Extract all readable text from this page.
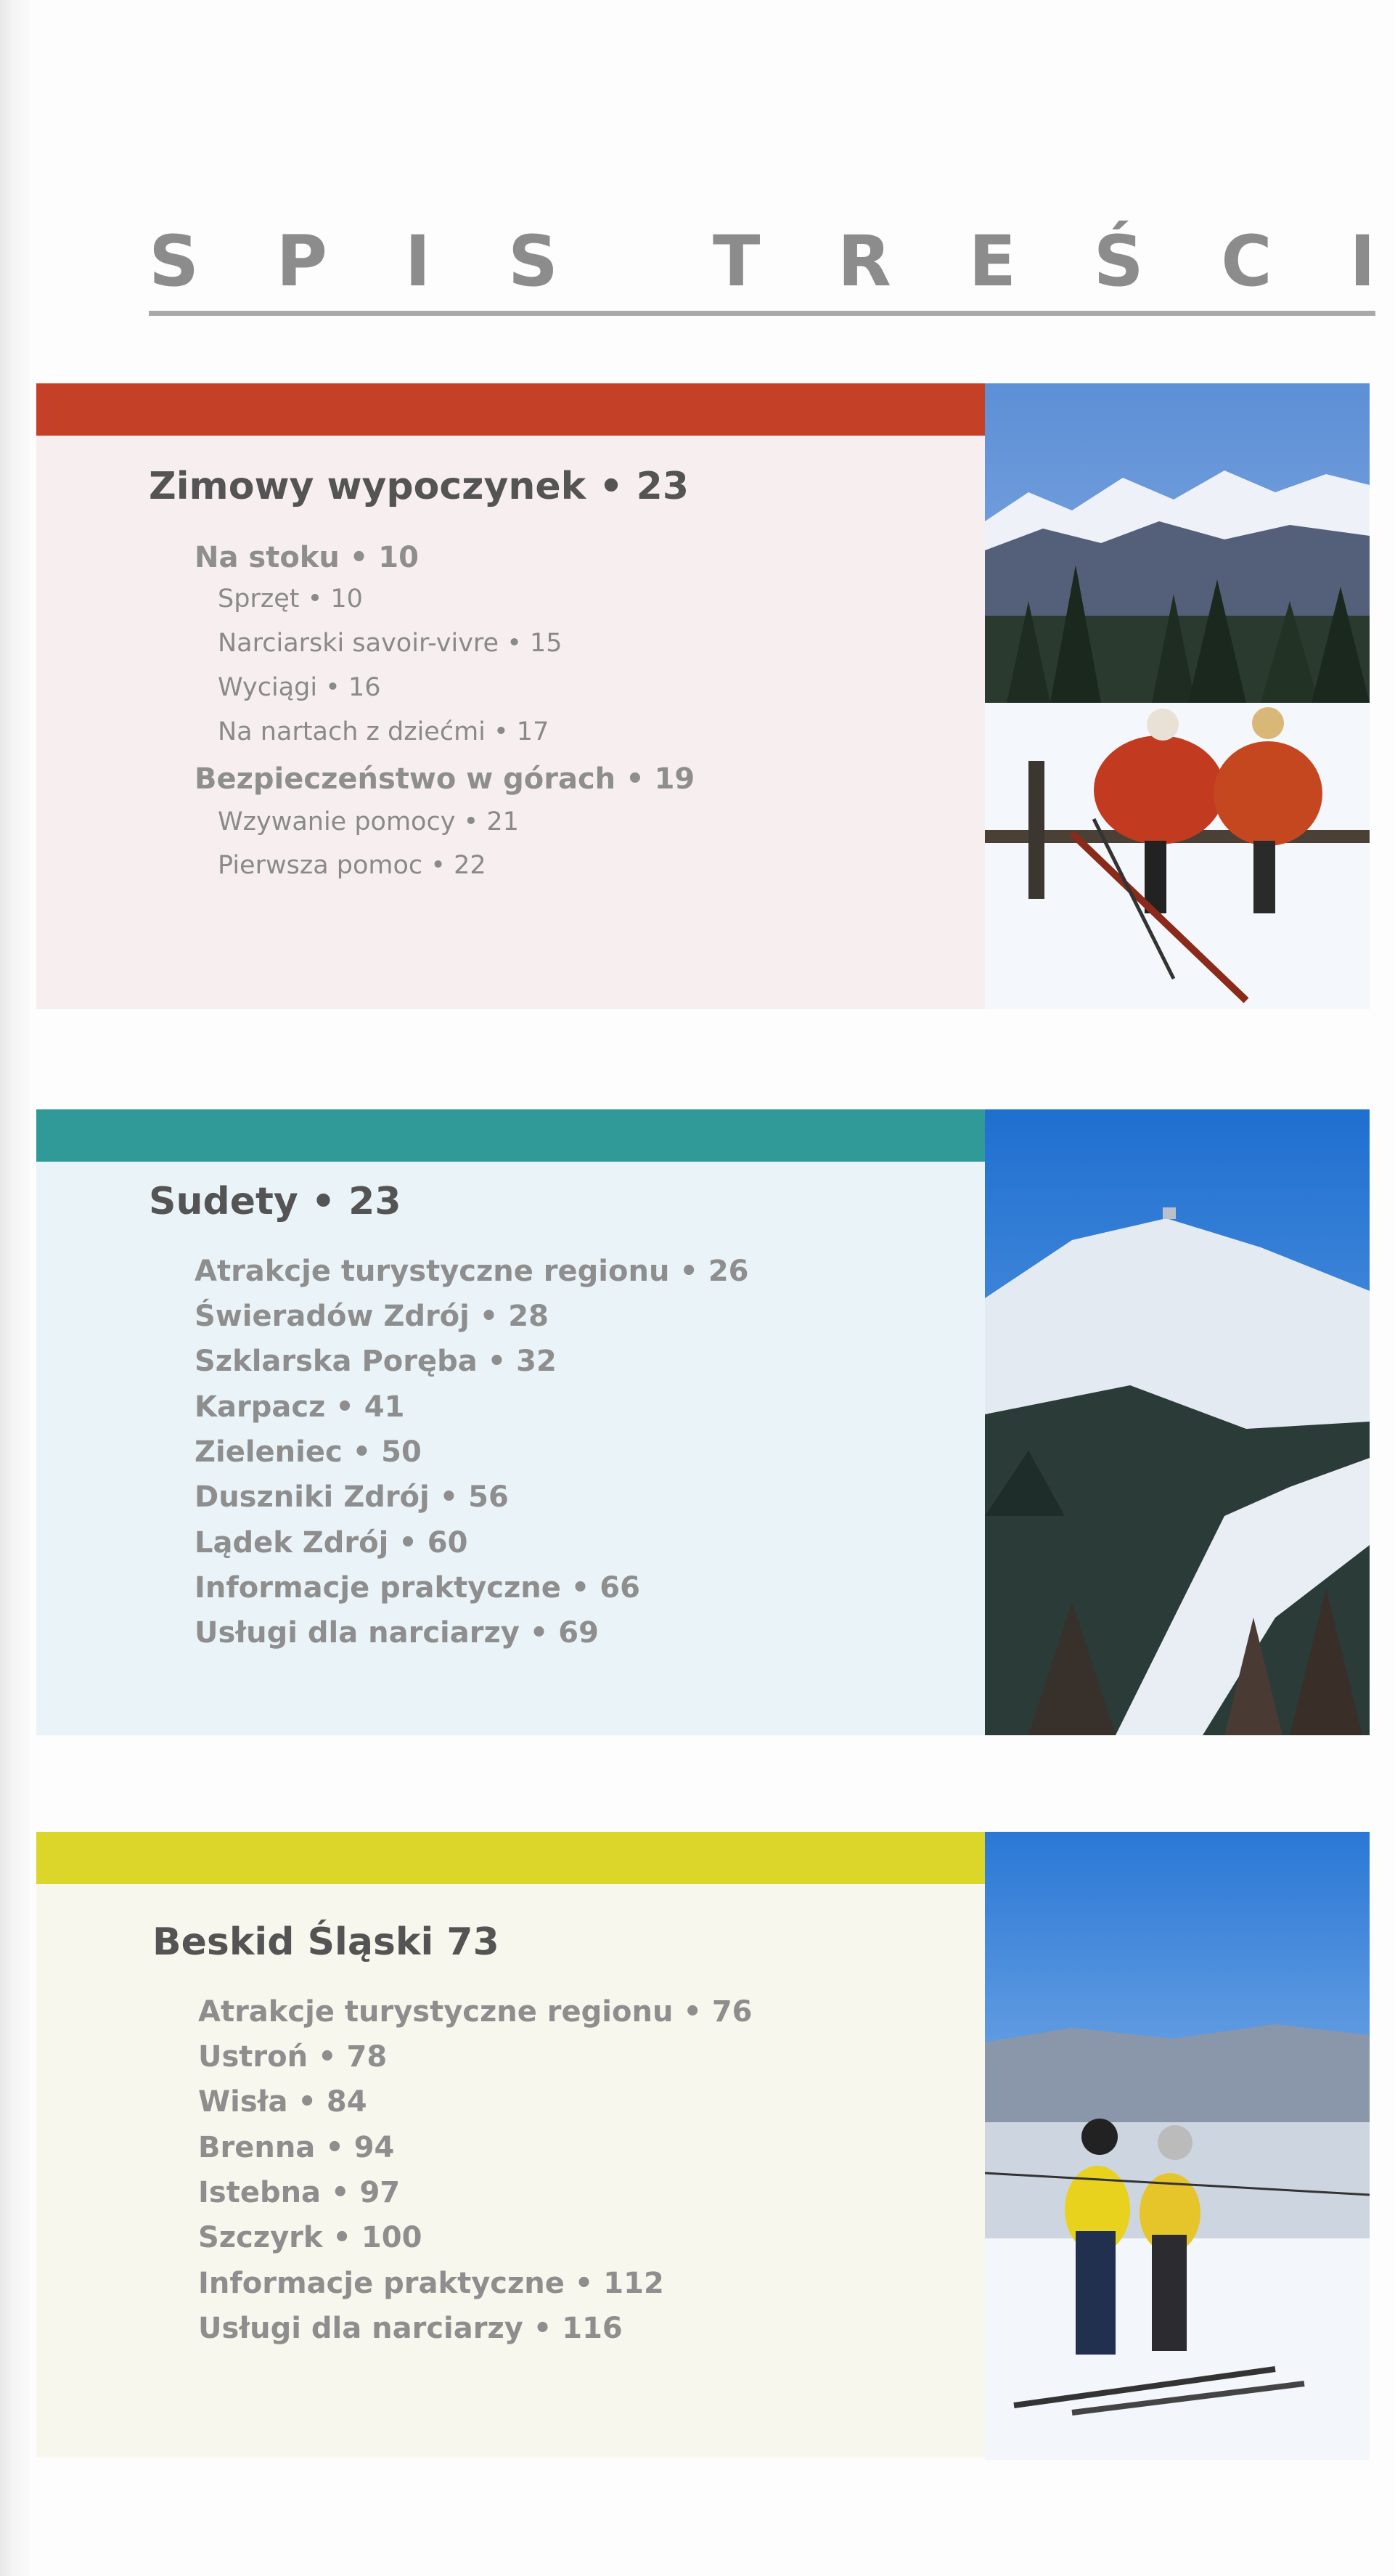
S P I S T R E Ś C I
Zimowy wypoczynek • 23
Na stoku • 10
Sprzęt • 10
Narciarski savoir-vivre • 15
Wyciągi • 16
Na nartach z dziećmi • 17
Bezpieczeństwo w górach • 19
Wzywanie pomocy • 21
Pierwsza pomoc • 22
Sudety • 23
Atrakcje turystyczne regionu • 26
Świeradów Zdrój • 28
Szklarska Poręba • 32
Karpacz • 41
Zieleniec • 50
Duszniki Zdrój • 56
Lądek Zdrój • 60
Informacje praktyczne • 66
Usługi dla narciarzy • 69
Beskid Śląski 73
Atrakcje turystyczne regionu • 76
Ustroń • 78
Wisła • 84
Brenna • 94
Istebna • 97
Szczyrk • 100
Informacje praktyczne • 112
Usługi dla narciarzy • 116
